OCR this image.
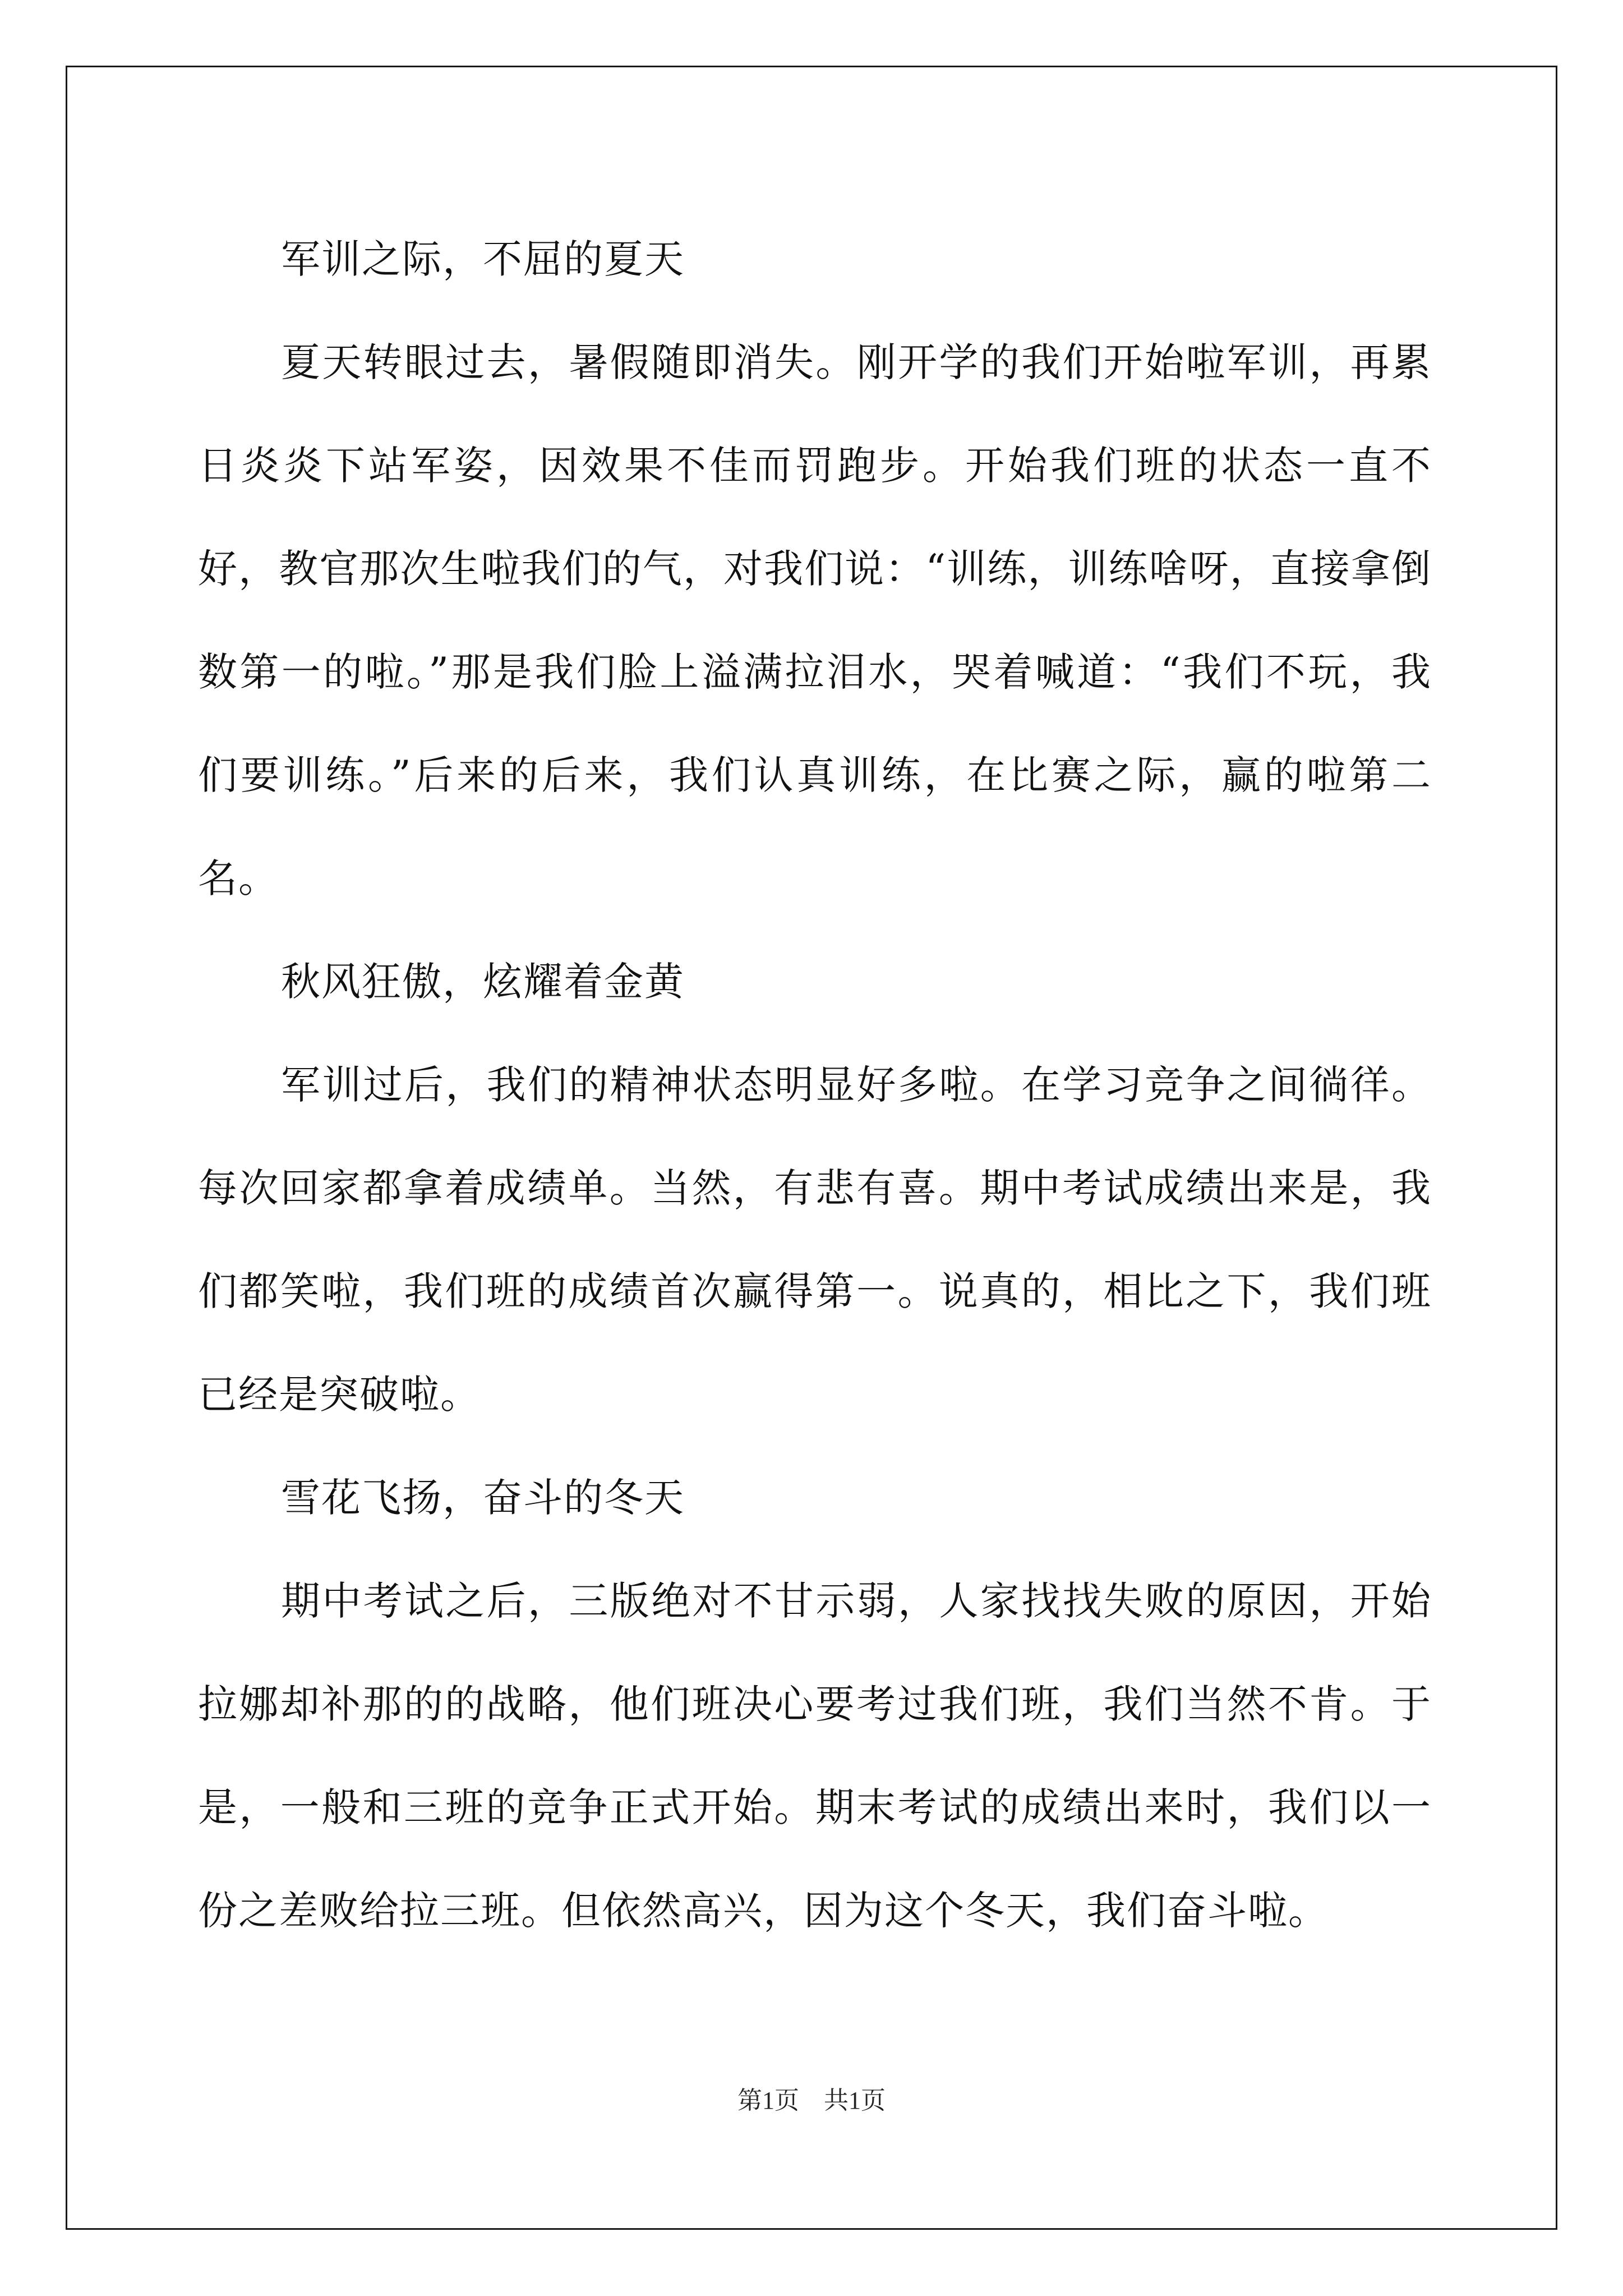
军训之际，不屈的夏天

夏天转眼过去，暑假随即消失。刚开学的我们开始啦军训，再累日炎炎下站军姿，因效果不佳而罚跑步。开始我们班的状态一直不好，教官那次生啦我们的气，对我们说：“训练，训练啥呀，直接拿倒数第一的啦。”那是我们脸上溢满拉泪水，哭着喊道：“我们不玩，我们要训练。”后来的后来，我们认真训练，在比赛之际，赢的啦第二名。

秋风狂傲，炫耀着金黄

军训过后，我们的精神状态明显好多啦。在学习竞争之间徜徉。每次回家都拿着成绩单。当然，有悲有喜。期中考试成绩出来是，我们都笑啦，我们班的成绩首次赢得第一。说真的，相比之下，我们班已经是突破啦。

雪花飞扬，奋斗的冬天

期中考试之后，三版绝对不甘示弱，人家找找失败的原因，开始拉娜却补那的的战略，他们班决心要考过我们班，我们当然不肯。于是，一般和三班的竞争正式开始。期末考试的成绩出来时，我们以一份之差败给拉三班。但依然高兴，因为这个冬天，我们奋斗啦。

第1页 共1页
